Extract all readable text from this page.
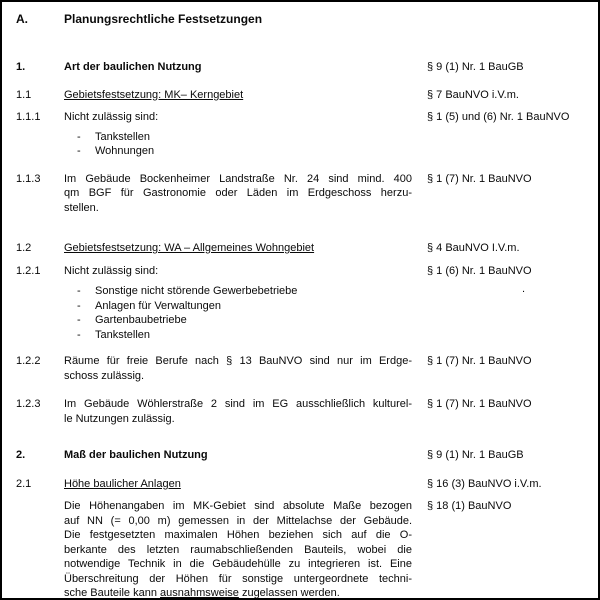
A.	Planungsrechtliche Festsetzungen
1.	Art der baulichen Nutzung	§ 9 (1) Nr. 1 BauGB
1.1	Gebietsfestsetzung: MK– Kerngebiet	§ 7 BauNVO i.V.m.
1.1.1	Nicht zulässig sind:	§ 1 (5) und (6) Nr. 1 BauNVO
-	Tankstellen
-	Wohnungen
1.1.3	Im Gebäude Bockenheimer Landstraße Nr. 24 sind mind. 400
qm BGF für Gastronomie oder Läden im Erdgeschoss herzu-
stellen.
§ 1 (7) Nr. 1 BauNVO
1.2	Gebietsfestsetzung: WA – Allgemeines Wohngebiet	§ 4 BauNVO I.V.m.
1.2.1	Nicht zulässig sind:	§ 1 (6) Nr. 1 BauNVO
-	Sonstige nicht störende Gewerbebetriebe
-	Anlagen für Verwaltungen
-	Gartenbaubetriebe
-	Tankstellen
.
1.2.2	Räume für freie Berufe nach § 13 BauNVO sind nur im Erdge-
schoss zulässig.
§ 1 (7) Nr. 1 BauNVO
1.2.3	Im Gebäude Wöhlerstraße 2 sind im EG ausschließlich kulturel-
le Nutzungen zulässig.
§ 1 (7) Nr. 1 BauNVO
2.	Maß der baulichen Nutzung	§ 9 (1) Nr. 1 BauGB
2.1	Höhe baulicher Anlagen	§ 16 (3) BauNVO i.V.m.
Die Höhenangaben im MK-Gebiet sind absolute Maße bezogen
auf NN (= 0,00 m) gemessen in der Mittelachse der Gebäude.
Die festgesetzten maximalen Höhen beziehen sich auf die O-
berkante des letzten raumabschließenden Bauteils, wobei die
notwendige Technik in die Gebäudehülle zu integrieren ist. Eine
Überschreitung der Höhen für sonstige untergeordnete techni-
sche Bauteile kann ausnahmsweise zugelassen werden.
§ 18 (1) BauNVO
